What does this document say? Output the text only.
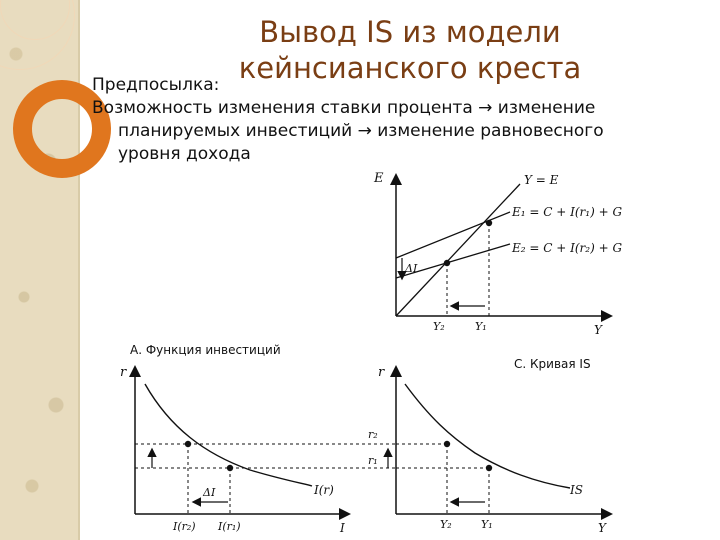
Вывод IS из модели
кейнсианского креста
Предпосылка:
Возможность изменения ставки процента → изменение
планируемых инвестиций → изменение равновесного
уровня дохода
E
Y
Y = E
E₁ = C + I(r₁) + G
E₂ = C + I(r₂) + G
ΔI
Y₂	Y₁
А. Функция инвестиций
r
I
I(r)
ΔI
I(r₂) I(r₁)
С. Кривая IS
r
Y
IS
r₂
r₁
Y₂	Y₁
